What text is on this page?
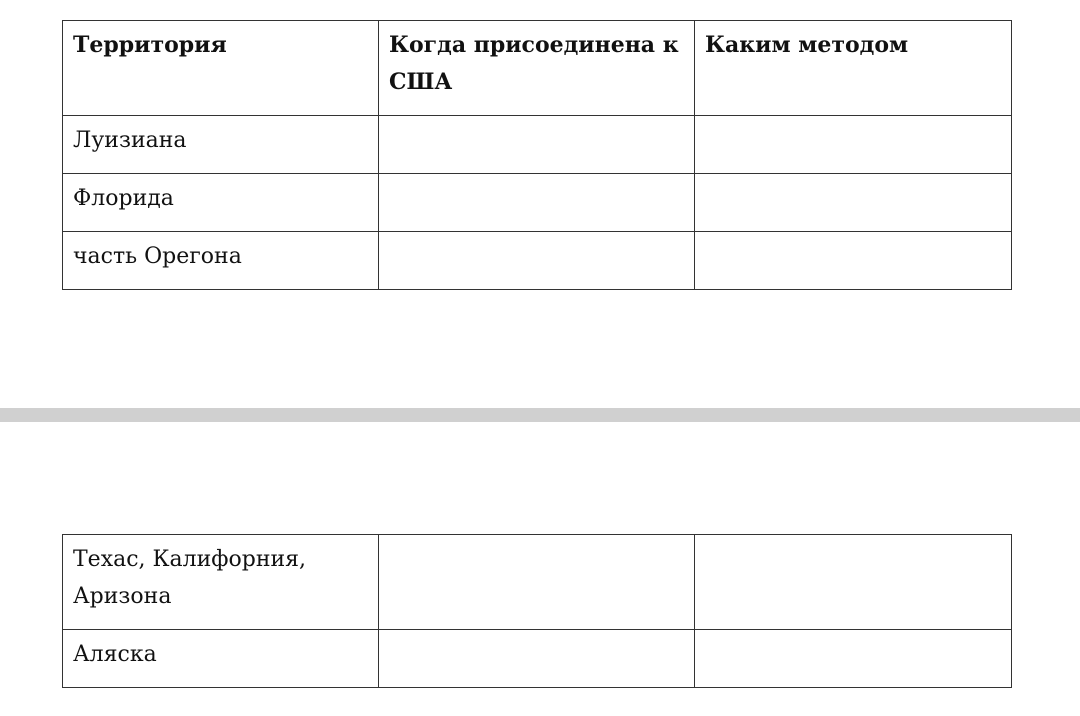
Территория	Когда присоединена к США	Каким методом
Луизиана		
Флорида		
часть Орегона		
Техас, Калифорния, Аризона		
Аляска		
